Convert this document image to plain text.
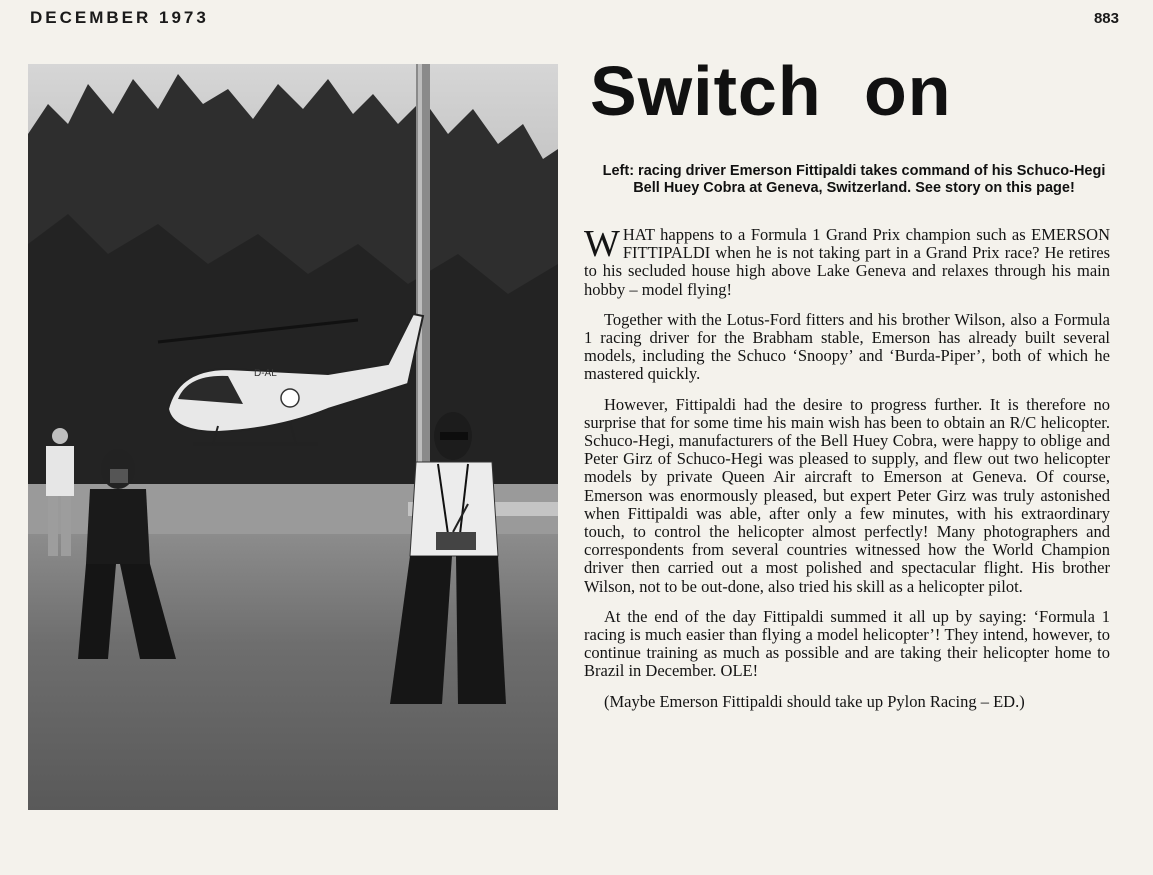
DECEMBER 1973	883
D-AL
Switch on
Left: racing driver Emerson Fittipaldi takes command of his Schuco-Hegi Bell Huey Cobra at Geneva, Switzerland. See story on this page!

WHAT happens to a Formula 1 Grand Prix champion such as EMERSON FITTIPALDI when he is not taking part in a Grand Prix race? He retires to his secluded house high above Lake Geneva and relaxes through his main hobby – model flying!

Together with the Lotus-Ford fitters and his brother Wilson, also a Formula 1 racing driver for the Brabham stable, Emerson has already built several models, including the Schuco ‘Snoopy’ and ‘Burda-Piper’, both of which he mastered quickly.

However, Fittipaldi had the desire to progress further. It is therefore no surprise that for some time his main wish has been to obtain an R/C helicopter. Schuco-Hegi, manufacturers of the Bell Huey Cobra, were happy to oblige and Peter Girz of Schuco-Hegi was pleased to supply, and flew out two helicopter models by private Queen Air aircraft to Emerson at Geneva. Of course, Emerson was enormously pleased, but expert Peter Girz was truly astonished when Fittipaldi was able, after only a few minutes, with his extraordinary touch, to control the helicopter almost perfectly! Many photographers and correspondents from several countries witnessed how the World Champion driver then carried out a most polished and spectacular flight. His brother Wilson, not to be out-done, also tried his skill as a helicopter pilot.

At the end of the day Fittipaldi summed it all up by saying: ‘Formula 1 racing is much easier than flying a model helicopter’! They intend, however, to continue training as much as possible and are taking their helicopter home to Brazil in December. OLE!

(Maybe Emerson Fittipaldi should take up Pylon Racing – ED.)
